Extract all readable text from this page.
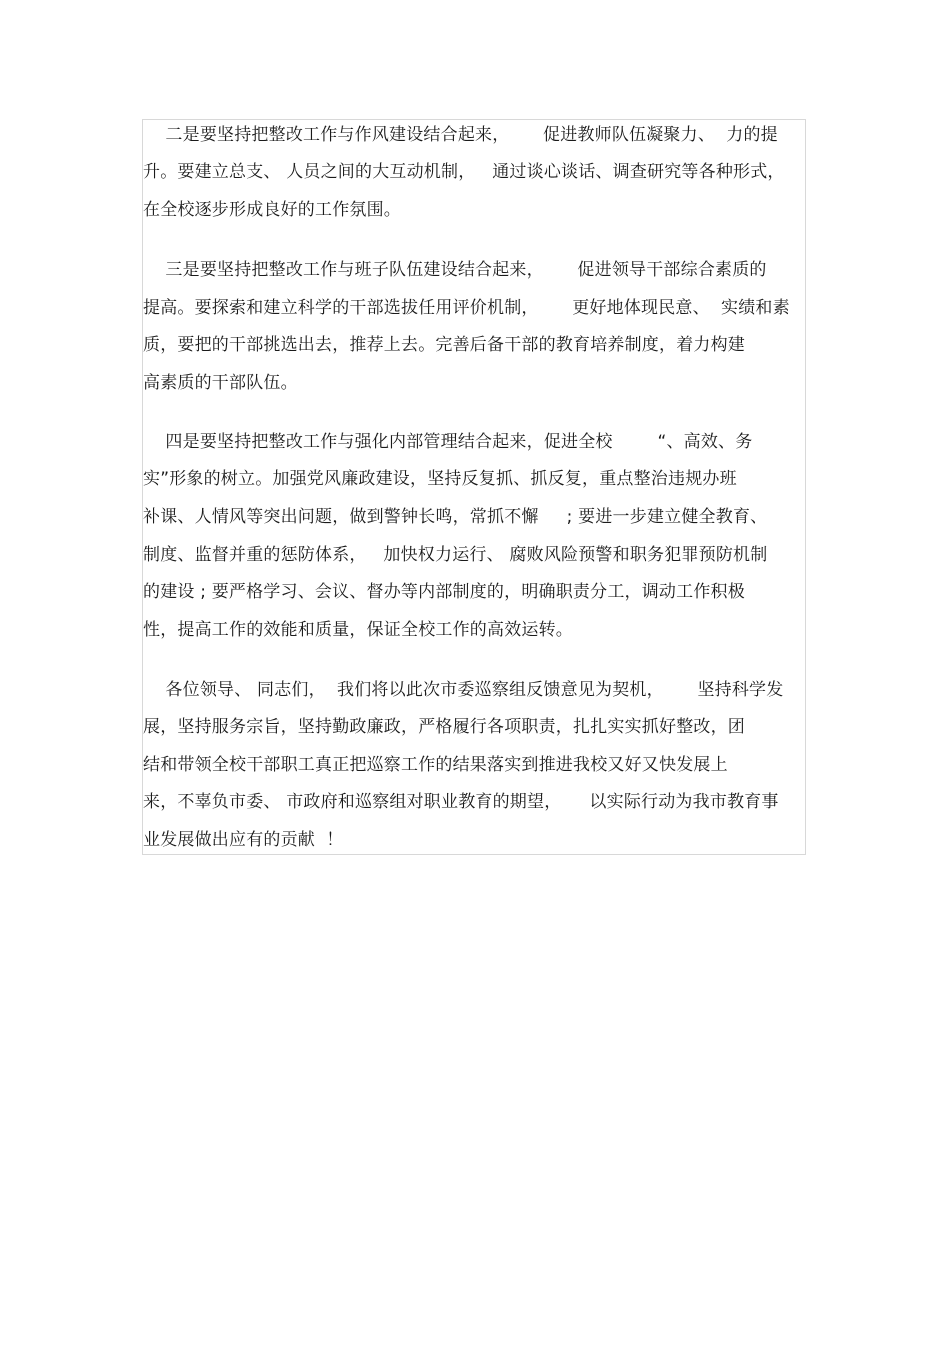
二是要坚持把整改工作与作风建设结合起来，      促进教师队伍凝聚力、  力的提
升。要建立总支、 人员之间的大互动机制，   通过谈心谈话、调查研究等各种形式，
在全校逐步形成良好的工作氛围。
三是要坚持把整改工作与班子队伍建设结合起来，      促进领导干部综合素质的
提高。要探索和建立科学的干部选拔任用评价机制，      更好地体现民意、  实绩和素
质，要把的干部挑选出去，推荐上去。完善后备干部的教育培养制度，着力构建
高素质的干部队伍。
四是要坚持把整改工作与强化内部管理结合起来，促进全校        “、高效、务
实”形象的树立。加强党风廉政建设，坚持反复抓、抓反复，重点整治违规办班
补课、人情风等突出问题，做到警钟长鸣，常抓不懈     ; 要进一步建立健全教育、
制度、监督并重的惩防体系，   加快权力运行、 腐败风险预警和职务犯罪预防机制
的建设 ; 要严格学习、会议、督办等内部制度的，明确职责分工，调动工作积极
性，提高工作的效能和质量，保证全校工作的高效运转。
各位领导、 同志们，  我们将以此次市委巡察组反馈意见为契机，      坚持科学发
展，坚持服务宗旨，坚持勤政廉政，严格履行各项职责，扎扎实实抓好整改，团
结和带领全校干部职工真正把巡察工作的结果落实到推进我校又好又快发展上
来，不辜负市委、 市政府和巡察组对职业教育的期望，     以实际行动为我市教育事
业发展做出应有的贡献  ！
